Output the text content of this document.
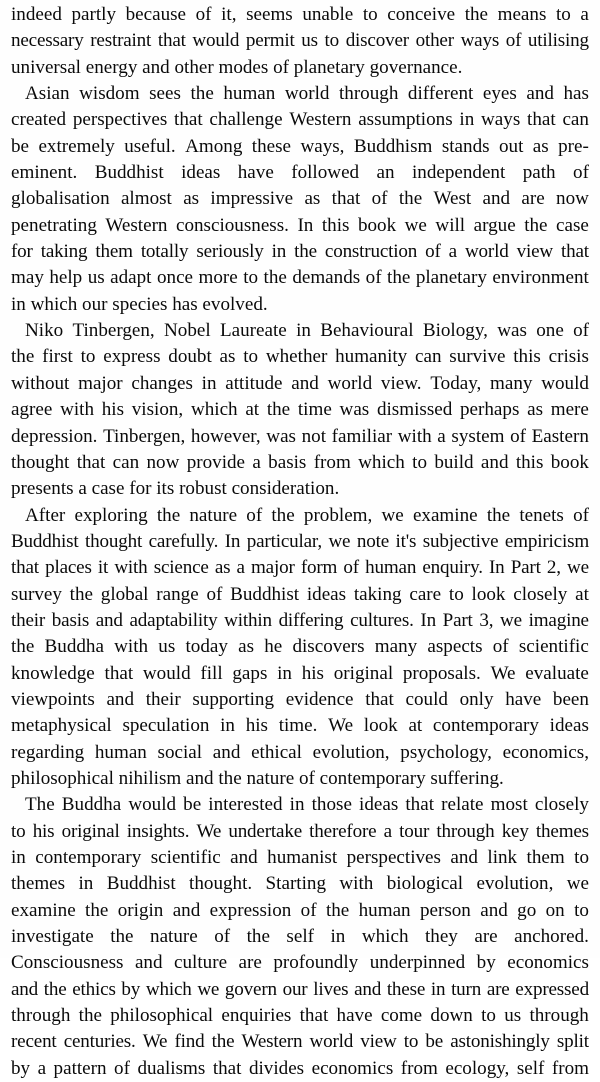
indeed partly because of it, seems unable to conceive the means to a
necessary restraint that would permit us to discover other ways of utilising
universal energy and other modes of planetary governance.
Asian wisdom sees the human world through different eyes and has
created perspectives that challenge Western assumptions in ways that can
be extremely useful. Among these ways, Buddhism stands out as pre-
eminent. Buddhist ideas have followed an independent path of
globalisation almost as impressive as that of the West and are now
penetrating Western consciousness. In this book we will argue the case
for taking them totally seriously in the construction of a world view that
may help us adapt once more to the demands of the planetary environment
in which our species has evolved.
Niko Tinbergen, Nobel Laureate in Behavioural Biology, was one of
the first to express doubt as to whether humanity can survive this crisis
without major changes in attitude and world view. Today, many would
agree with his vision, which at the time was dismissed perhaps as mere
depression. Tinbergen, however, was not familiar with a system of Eastern
thought that can now provide a basis from which to build and this book
presents a case for its robust consideration.
After exploring the nature of the problem, we examine the tenets of
Buddhist thought carefully. In particular, we note it's subjective empiricism
that places it with science as a major form of human enquiry. In Part 2, we
survey the global range of Buddhist ideas taking care to look closely at
their basis and adaptability within differing cultures. In Part 3, we imagine
the Buddha with us today as he discovers many aspects of scientific
knowledge that would fill gaps in his original proposals. We evaluate
viewpoints and their supporting evidence that could only have been
metaphysical speculation in his time. We look at contemporary ideas
regarding human social and ethical evolution, psychology, economics,
philosophical nihilism and the nature of contemporary suffering.
The Buddha would be interested in those ideas that relate most closely
to his original insights. We undertake therefore a tour through key themes
in contemporary scientific and humanist perspectives and link them to
themes in Buddhist thought. Starting with biological evolution, we
examine the origin and expression of the human person and go on to
investigate the nature of the self in which they are anchored.
Consciousness and culture are profoundly underpinned by economics
and the ethics by which we govern our lives and these in turn are expressed
through the philosophical enquiries that have come down to us through
recent centuries. We find the Western world view to be astonishingly split
by a pattern of dualisms that divides economics from ecology, self from
